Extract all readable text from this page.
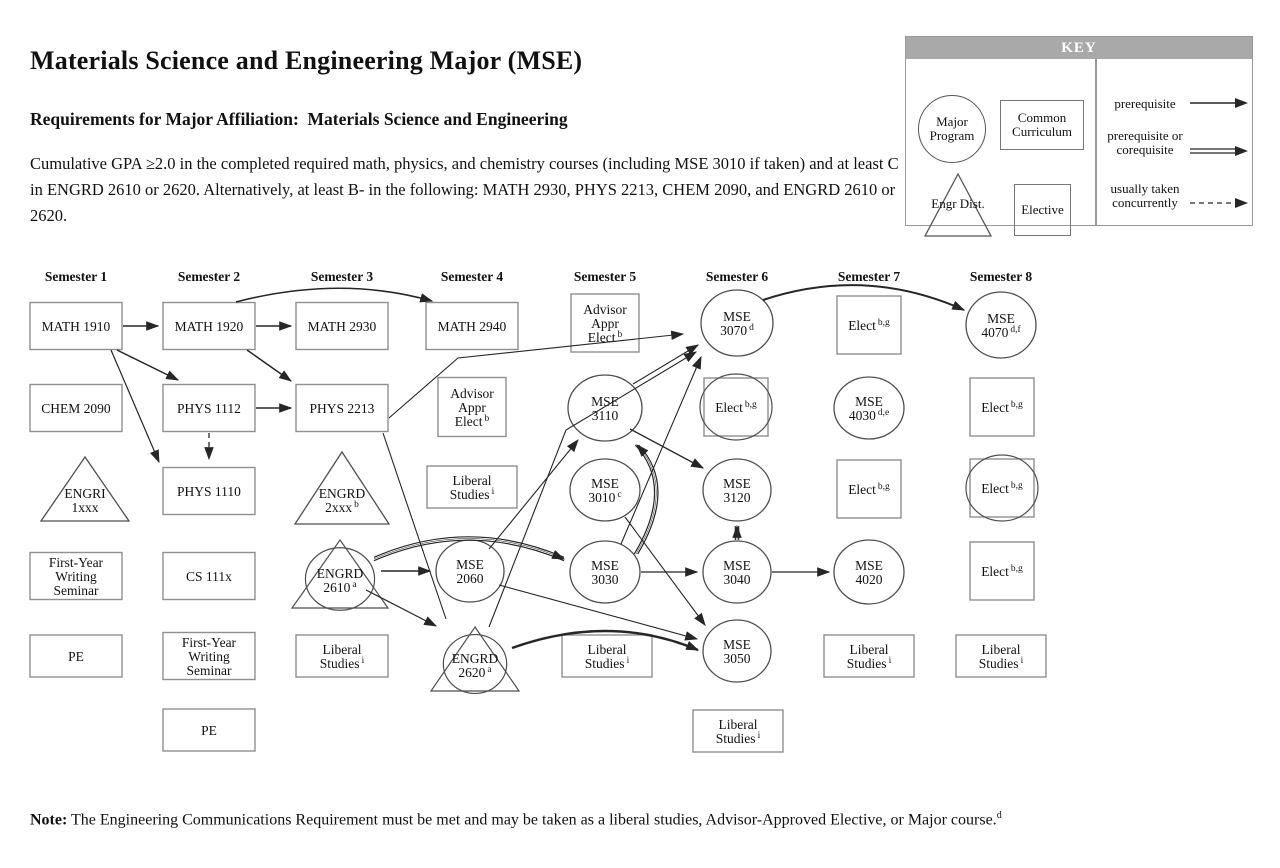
Materials Science and Engineering Major (MSE)
Requirements for Major Affiliation:  Materials Science and Engineering
Cumulative GPA ≥2.0 in the completed required math, physics, and chemistry courses (including MSE 3010 if taken) and at least C in ENGRD 2610 or 2620. Alternatively, at least B- in the following: MATH 2930, PHYS 2213, CHEM 2090, and ENGRD 2610 or 2620.
KEY
Major Program
Common Curriculum
Engr Dist.	Elective
prerequisite
prerequisite or corequisite
usually taken concurrently
MATH 1910
CHEM 2090
ENGRI 1xxx
First-Year Writing Seminar
PE
MATH 1920
PHYS 1112
PHYS 1110
CS 111x
First-Year Writing Seminar
PE
MATH 2930
PHYS 2213
ENGRD 2xxx $^b$
ENGRD 2610 $^a$
Liberal Studies $^i$
MATH 2940
Advisor Appr Elect $^b$
Liberal Studies $^i$
MSE 2060
ENGRD 2620 $^a$
Advisor Appr Elect $^b$
MSE 3110
MSE 3010 $^c$
MSE 3030
Liberal Studies $^i$
MSE 3070 $^d$
Elect $^{b,g}$
MSE 3120
MSE 3040
MSE 3050
Liberal Studies $^i$
Elect $^{b,g}$
MSE 4030 $^{d,e}$
Elect $^{b,g}$
MSE 4020
Liberal Studies $^i$
MSE 4070 $^{d,f}$
Elect $^{b,g}$
Elect $^{b,g}$
Elect $^{b,g}$
Liberal Studies $^i$
Semester 1	Semester 2	Semester 3	Semester 4	Semester 5	Semester 6	Semester 7	Semester 8
Note: The Engineering Communications Requirement must be met and may be taken as a liberal studies, Advisor-Approved Elective, or Major course.$^d$
